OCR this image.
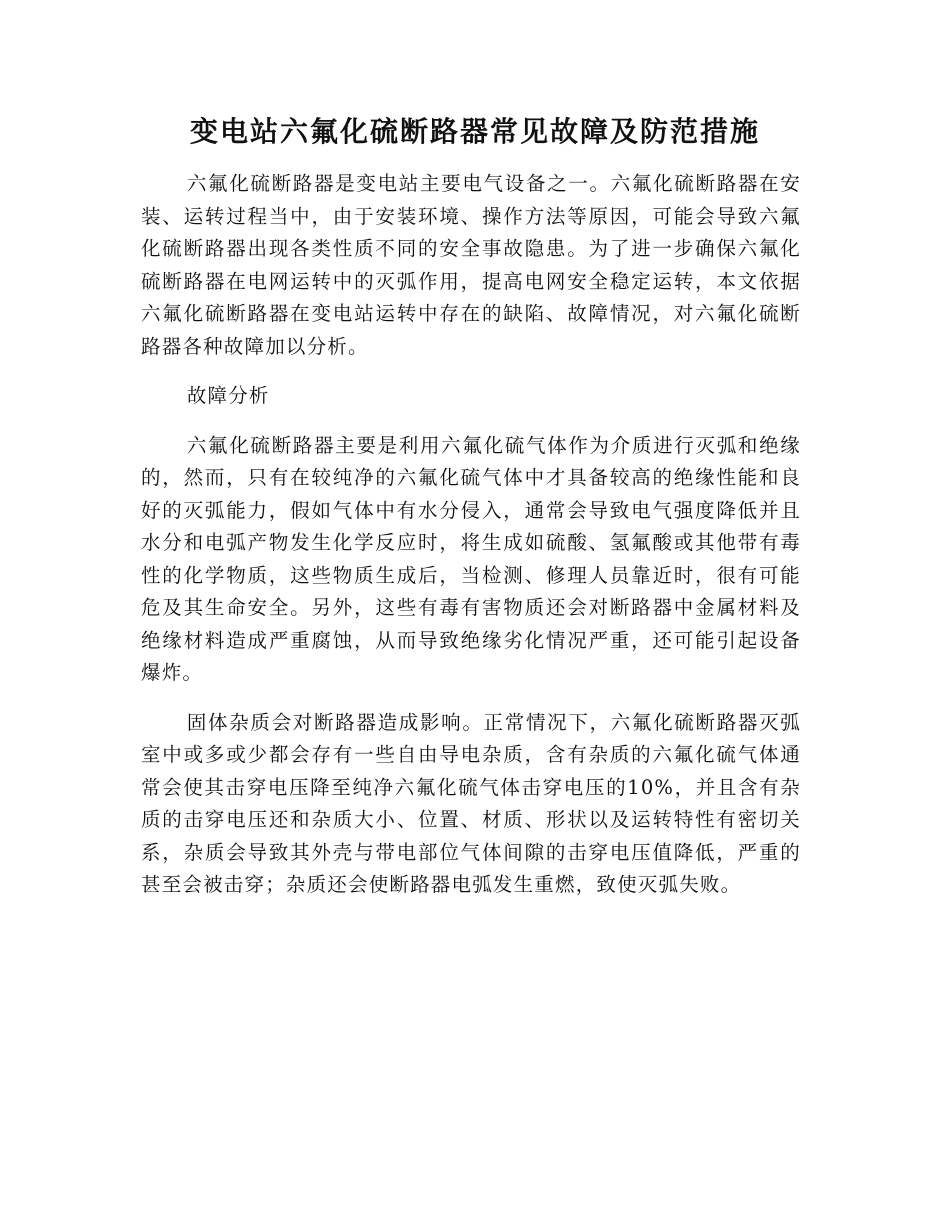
变电站六氟化硫断路器常见故障及防范措施

六氟化硫断路器是变电站主要电气设备之一。六氟化硫断路器在安装、运转过程当中，由于安装环境、操作方法等原因，可能会导致六氟化硫断路器出现各类性质不同的安全事故隐患。为了进一步确保六氟化硫断路器在电网运转中的灭弧作用，提高电网安全稳定运转，本文依据六氟化硫断路器在变电站运转中存在的缺陷、故障情况，对六氟化硫断路器各种故障加以分析。

故障分析

六氟化硫断路器主要是利用六氟化硫气体作为介质进行灭弧和绝缘的，然而，只有在较纯净的六氟化硫气体中才具备较高的绝缘性能和良好的灭弧能力，假如气体中有水分侵入，通常会导致电气强度降低并且水分和电弧产物发生化学反应时，将生成如硫酸、氢氟酸或其他带有毒性的化学物质，这些物质生成后，当检测、修理人员靠近时，很有可能危及其生命安全。另外，这些有毒有害物质还会对断路器中金属材料及绝缘材料造成严重腐蚀，从而导致绝缘劣化情况严重，还可能引起设备爆炸。

固体杂质会对断路器造成影响。正常情况下，六氟化硫断路器灭弧室中或多或少都会存有一些自由导电杂质，含有杂质的六氟化硫气体通常会使其击穿电压降至纯净六氟化硫气体击穿电压的10%，并且含有杂质的击穿电压还和杂质大小、位置、材质、形状以及运转特性有密切关系，杂质会导致其外壳与带电部位气体间隙的击穿电压值降低，严重的甚至会被击穿；杂质还会使断路器电弧发生重燃，致使灭弧失败。
